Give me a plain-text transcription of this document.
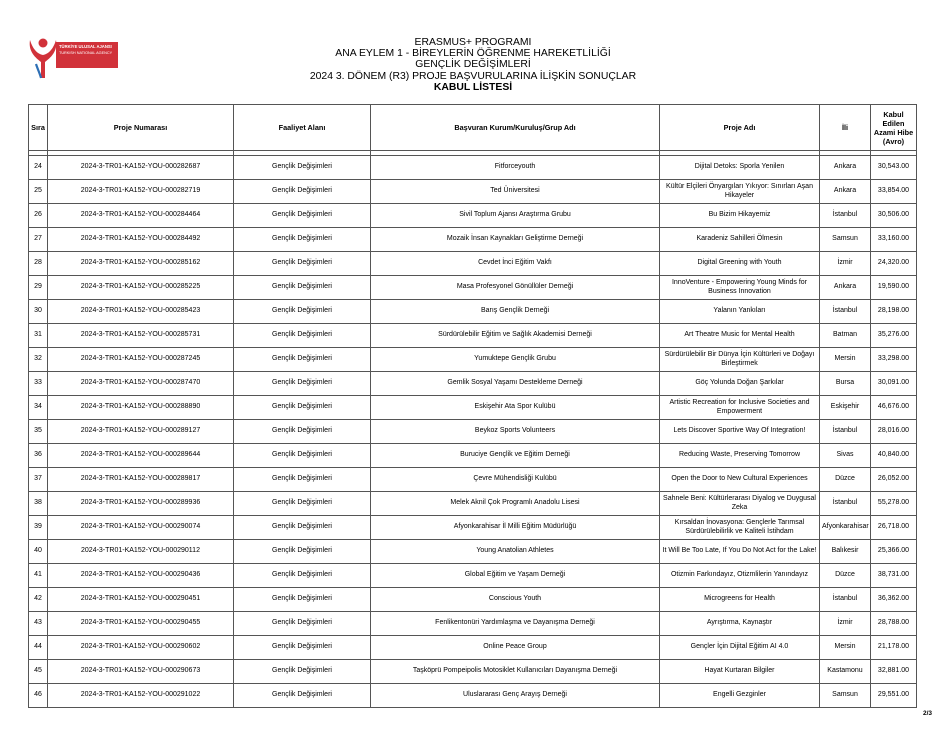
TÜRKİYE ULUSAL AJANSI
TURKISH NATIONAL AGENCY
ERASMUS+ PROGRAMI
ANA EYLEM 1 - BİREYLERİN ÖĞRENME HAREKETLİLİĞİ
GENÇLİK DEĞİŞİMLERİ
2024 3. DÖNEM (R3) PROJE BAŞVURULARINA İLİŞKİN SONUÇLAR
KABUL LİSTESİ
Sıra	Proje Numarası	Faaliyet Alanı	Başvuran Kurum/Kuruluş/Grup Adı	Proje Adı	İli	Kabul Edilen Azami Hibe (Avro)

24	2024-3-TR01-KA152-YOU-000282687	Gençlik Değişimleri	Fitforceyouth	Dijital Detoks: Sporla Yenilen	Ankara	30,543.00
25	2024-3-TR01-KA152-YOU-000282719	Gençlik Değişimleri	Ted Üniversitesi	Kültür Elçileri Önyargıları Yıkıyor: Sınırları Aşan Hikayeler	Ankara	33,854.00
26	2024-3-TR01-KA152-YOU-000284464	Gençlik Değişimleri	Sivil Toplum Ajansı Araştırma Grubu	Bu Bizim Hikayemiz	İstanbul	30,506.00
27	2024-3-TR01-KA152-YOU-000284492	Gençlik Değişimleri	Mozaik İnsan Kaynakları Geliştirme Derneği	Karadeniz Sahilleri Ölmesin	Samsun	33,160.00
28	2024-3-TR01-KA152-YOU-000285162	Gençlik Değişimleri	Cevdet İnci Eğitim Vakfı	Digital Greening with Youth	İzmir	24,320.00
29	2024-3-TR01-KA152-YOU-000285225	Gençlik Değişimleri	Masa Profesyonel Gönüllüler Derneği	InnoVenture - Empowering Young Minds for Business Innovation	Ankara	19,590.00
30	2024-3-TR01-KA152-YOU-000285423	Gençlik Değişimleri	Barış Gençlik Derneği	Yalanın Yankıları	İstanbul	28,198.00
31	2024-3-TR01-KA152-YOU-000285731	Gençlik Değişimleri	Sürdürülebilir Eğitim ve Sağlık Akademisi Derneği	Art Theatre Music for Mental Health	Batman	35,276.00
32	2024-3-TR01-KA152-YOU-000287245	Gençlik Değişimleri	Yumuktepe Gençlik Grubu	Sürdürülebilir Bir Dünya İçin Kültürleri ve Doğayı Birleştirmek	Mersin	33,298.00
33	2024-3-TR01-KA152-YOU-000287470	Gençlik Değişimleri	Gemlik Sosyal Yaşamı Destekleme Derneği	Göç Yolunda Doğan Şarkılar	Bursa	30,091.00
34	2024-3-TR01-KA152-YOU-000288890	Gençlik Değişimleri	Eskişehir Ata Spor Kulübü	Artistic Recreation for Inclusive Societies and Empowerment	Eskişehir	46,676.00
35	2024-3-TR01-KA152-YOU-000289127	Gençlik Değişimleri	Beykoz Sports Volunteers	Lets Discover Sportive Way Of Integration!	İstanbul	28,016.00
36	2024-3-TR01-KA152-YOU-000289644	Gençlik Değişimleri	Buruciye Gençlik ve Eğitim Derneği	Reducing Waste, Preserving Tomorrow	Sivas	40,840.00
37	2024-3-TR01-KA152-YOU-000289817	Gençlik Değişimleri	Çevre Mühendisliği Kulübü	Open the Door to New Cultural Experiences	Düzce	26,052.00
38	2024-3-TR01-KA152-YOU-000289936	Gençlik Değişimleri	Melek Aknil Çok Programlı Anadolu Lisesi	Sahnele Beni: Kültürlerarası Diyalog ve Duygusal Zeka	İstanbul	55,278.00
39	2024-3-TR01-KA152-YOU-000290074	Gençlik Değişimleri	Afyonkarahisar İl Milli Eğitim Müdürlüğü	Kırsaldan İnovasyona: Gençlerle Tarımsal Sürdürülebilirlik ve Kaliteli İstihdam	Afyonkarahisar	26,718.00
40	2024-3-TR01-KA152-YOU-000290112	Gençlik Değişimleri	Young Anatolian Athletes	It Will Be Too Late, If You Do Not Act for the Lake!	Balıkesir	25,366.00
41	2024-3-TR01-KA152-YOU-000290436	Gençlik Değişimleri	Global Eğitim ve Yaşam Derneği	Otizmin Farkındayız, Otizmlilerin Yanındayız	Düzce	38,731.00
42	2024-3-TR01-KA152-YOU-000290451	Gençlik Değişimleri	Conscious Youth	Microgreens for Health	İstanbul	36,362.00
43	2024-3-TR01-KA152-YOU-000290455	Gençlik Değişimleri	Fenlikentonüri Yardımlaşma ve Dayanışma Derneği	Ayrıştırma, Kaynaştır	İzmir	28,788.00
44	2024-3-TR01-KA152-YOU-000290602	Gençlik Değişimleri	Online Peace Group	Gençler İçin Dijital Eğitim AI 4.0	Mersin	21,178.00
45	2024-3-TR01-KA152-YOU-000290673	Gençlik Değişimleri	Taşköprü Pompeipolis Motosiklet Kullanıcıları Dayanışma Derneği	Hayat Kurtaran Bilgiler	Kastamonu	32,881.00
46	2024-3-TR01-KA152-YOU-000291022	Gençlik Değişimleri	Uluslararası Genç Arayış Derneği	Engelli Gezginler	Samsun	29,551.00
2/3
